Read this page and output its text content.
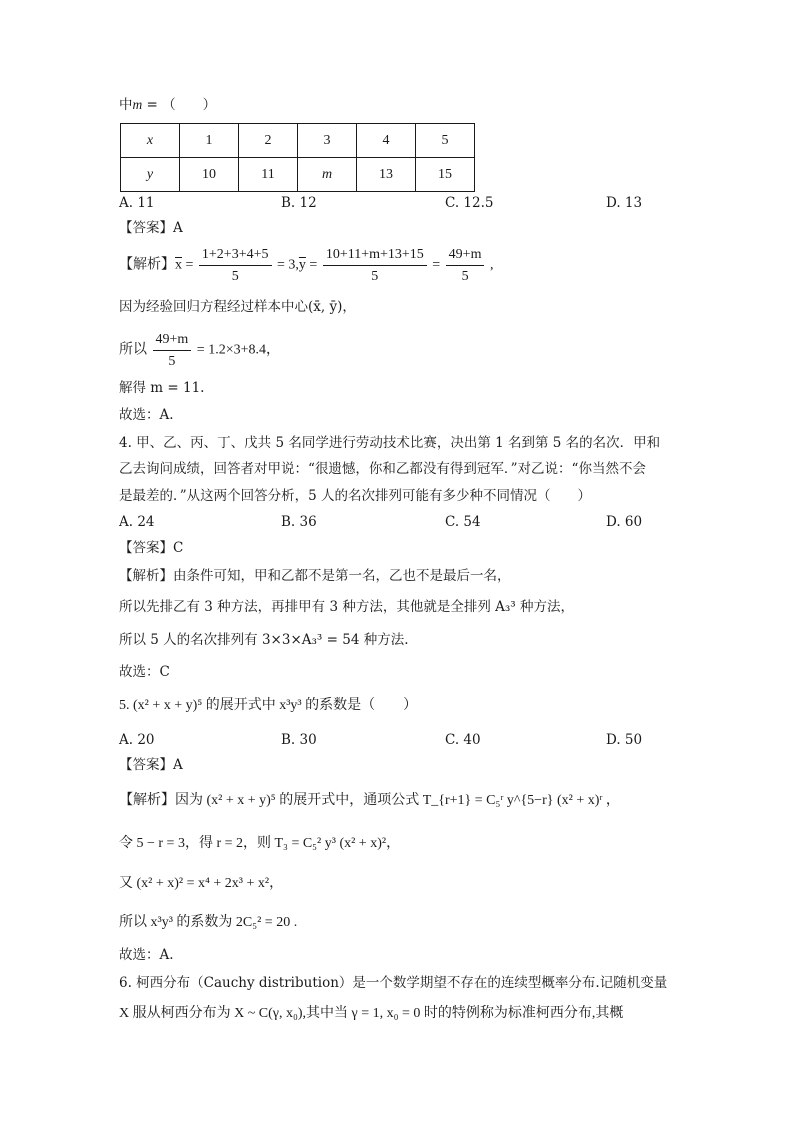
中m = （　　）
x	1	2	3	4	5
y	10	11	m	13	15
A. 11	B. 12	C. 12.5	D. 13
【答案】A
【解析】$\overline{x} = \frac{1+2+3+4+5}{5} = 3,\overline{y} = \frac{10+11+m+13+15}{5} = \frac{49+m}{5}$ ,
因为经验回归方程经过样本中心(x̄, ȳ)，
所以 $\frac{49+m}{5} = 1.2\times 3+8.4$，
解得 m = 11.
故选：A.
4. 甲、乙、丙、丁、戊共 5 名同学进行劳动技术比赛，决出第 1 名到第 5 名的名次．甲和
乙去询问成绩，回答者对甲说：“很遗憾，你和乙都没有得到冠军．”对乙说：“你当然不会
是最差的．”从这两个回答分析，5 人的名次排列可能有多少种不同情况（　　）
A. 24	B. 36	C. 54	D. 60
【答案】C
【解析】由条件可知，甲和乙都不是第一名，乙也不是最后一名，
所以先排乙有 3 种方法，再排甲有 3 种方法，其他就是全排列 A₃³ 种方法，
所以 5 人的名次排列有 3×3×A₃³ = 54 种方法.
故选：C
5. (x² + x + y)⁵ 的展开式中 x³y³ 的系数是（　　）
A. 20	B. 30	C. 40	D. 50
【答案】A
【解析】因为 (x² + x + y)⁵ 的展开式中，通项公式 T_{r+1} = C₅ʳ y^{5−r} (x² + x)ʳ ，
令 5 − r = 3，得 r = 2，则 T₃ = C₅² y³ (x² + x)²，
又 (x² + x)² = x⁴ + 2x³ + x²，
所以 x³y³ 的系数为 2C₅² = 20 .
故选：A.
6. 柯西分布（Cauchy distribution）是一个数学期望不存在的连续型概率分布.记随机变量
X 服从柯西分布为 X ~ C(γ, x₀),其中当 γ = 1, x₀ = 0 时的特例称为标准柯西分布,其概
